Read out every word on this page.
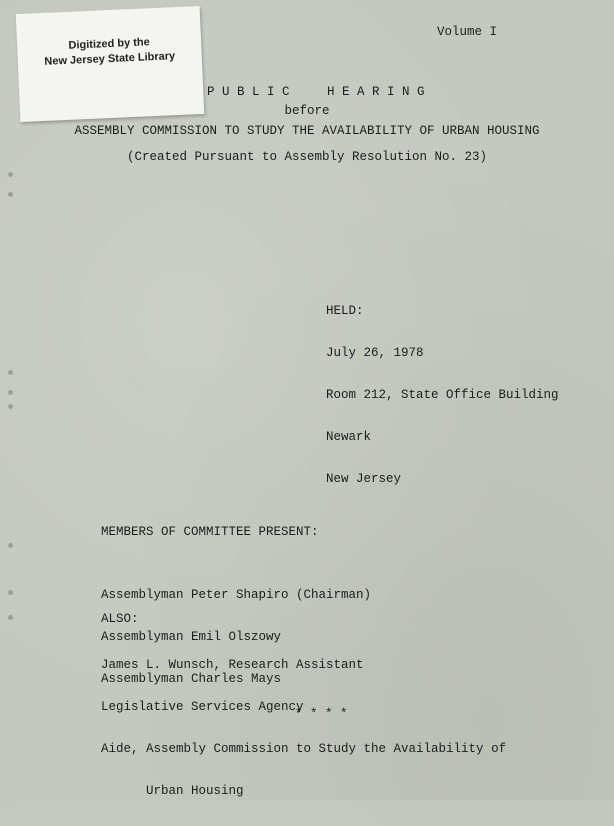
Digitized by the
New Jersey State Library
Volume I
P U B L I C     H E A R I N G
before
ASSEMBLY COMMISSION TO STUDY THE AVAILABILITY OF URBAN HOUSING
(Created Pursuant to Assembly Resolution No. 23)

HELD:

July 26, 1978

Room 212, State Office Building

Newark

New Jersey

MEMBERS OF COMMITTEE PRESENT:

Assemblyman Peter Shapiro (Chairman)

Assemblyman Emil Olszowy

Assemblyman Charles Mays

ALSO:

James L. Wunsch, Research Assistant

Legislative Services Agency

Aide, Assembly Commission to Study the Availability of

Urban Housing

* * * *
